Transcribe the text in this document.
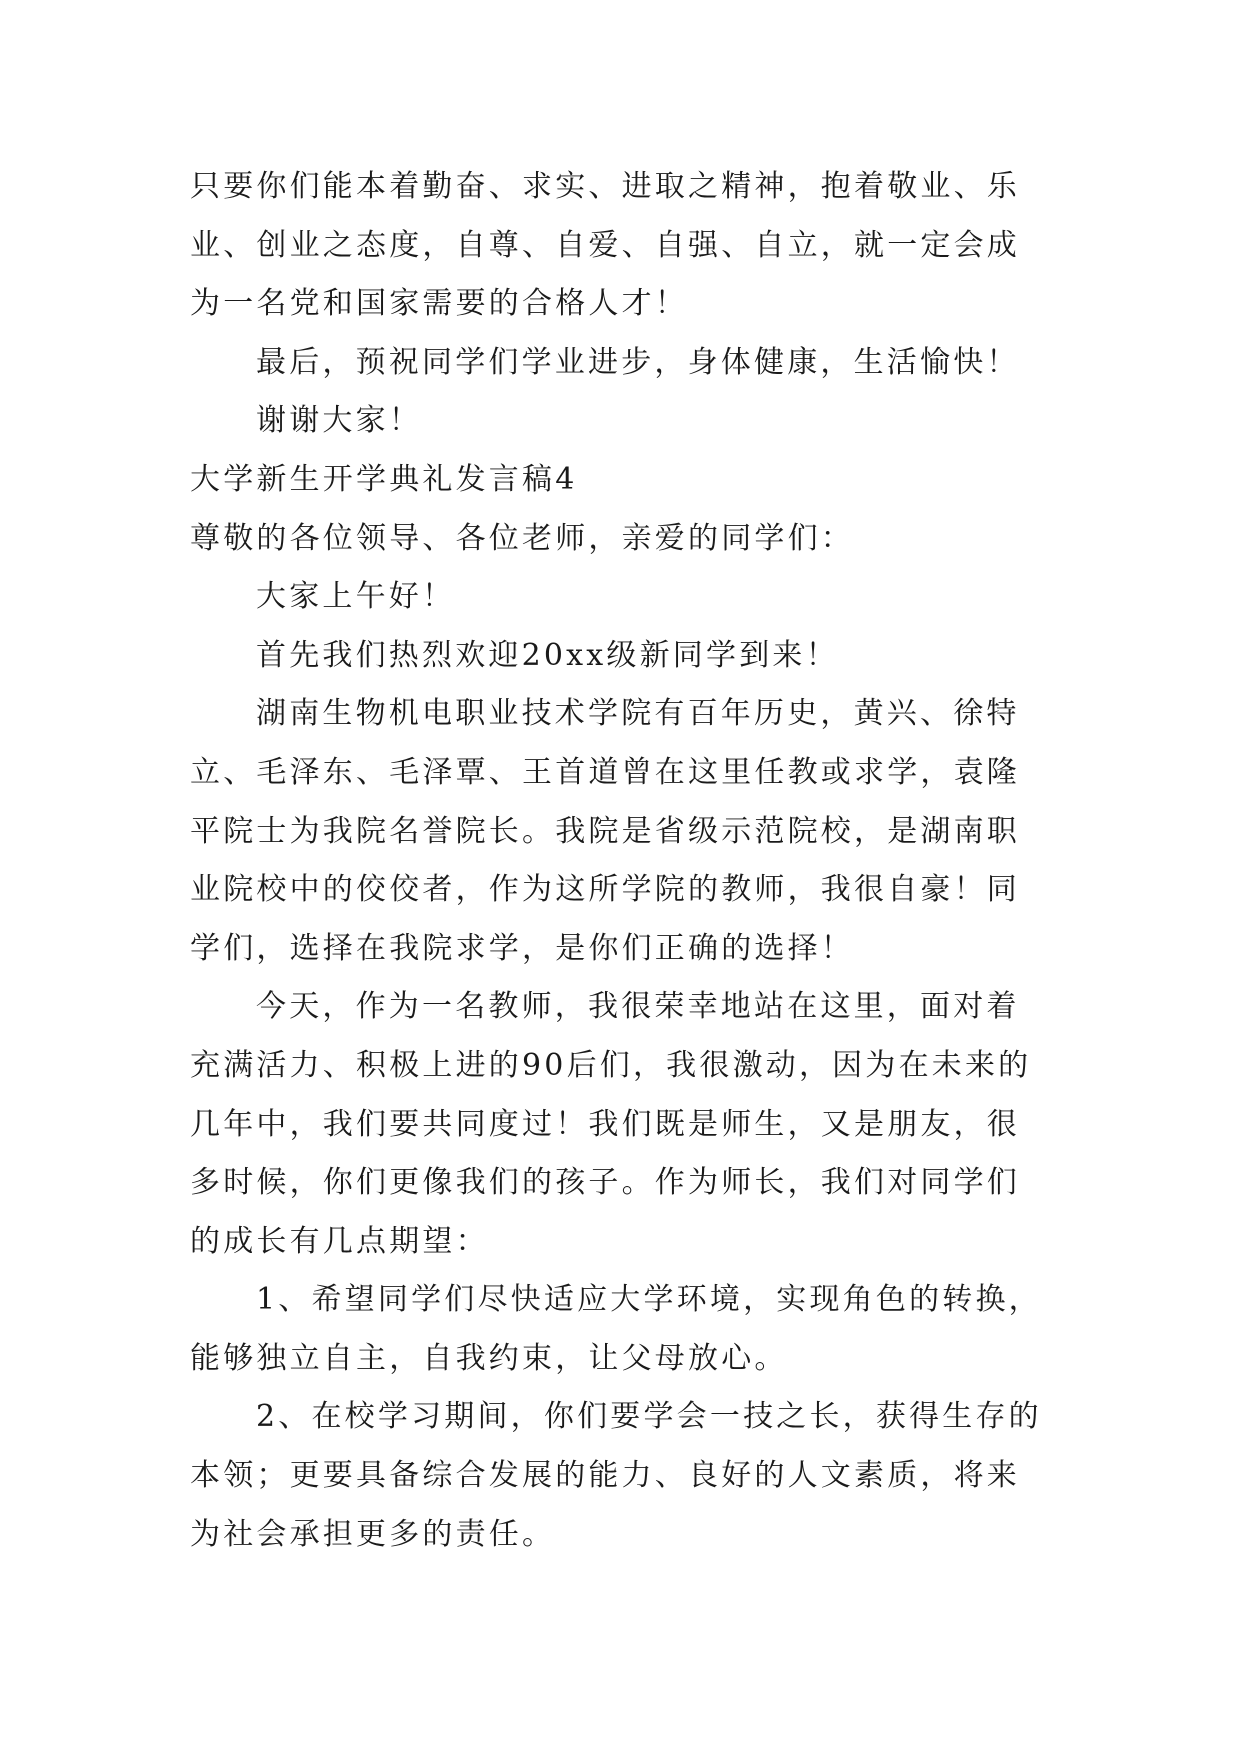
只要你们能本着勤奋、求实、进取之精神，抱着敬业、乐业、创业之态度，自尊、自爱、自强、自立，就一定会成为一名党和国家需要的合格人才！

最后，预祝同学们学业进步，身体健康，生活愉快！

谢谢大家！

大学新生开学典礼发言稿4

尊敬的各位领导、各位老师，亲爱的同学们：

大家上午好！

首先我们热烈欢迎20xx级新同学到来！

湖南生物机电职业技术学院有百年历史，黄兴、徐特立、毛泽东、毛泽覃、王首道曾在这里任教或求学，袁隆平院士为我院名誉院长。我院是省级示范院校，是湖南职业院校中的佼佼者，作为这所学院的教师，我很自豪！同学们，选择在我院求学，是你们正确的选择！

今天，作为一名教师，我很荣幸地站在这里，面对着充满活力、积极上进的90后们，我很激动，因为在未来的几年中，我们要共同度过！我们既是师生，又是朋友，很多时候，你们更像我们的孩子。作为师长，我们对同学们的成长有几点期望：

1、希望同学们尽快适应大学环境，实现角色的转换，能够独立自主，自我约束，让父母放心。

2、在校学习期间，你们要学会一技之长，获得生存的本领；更要具备综合发展的能力、良好的人文素质，将来为社会承担更多的责任。
